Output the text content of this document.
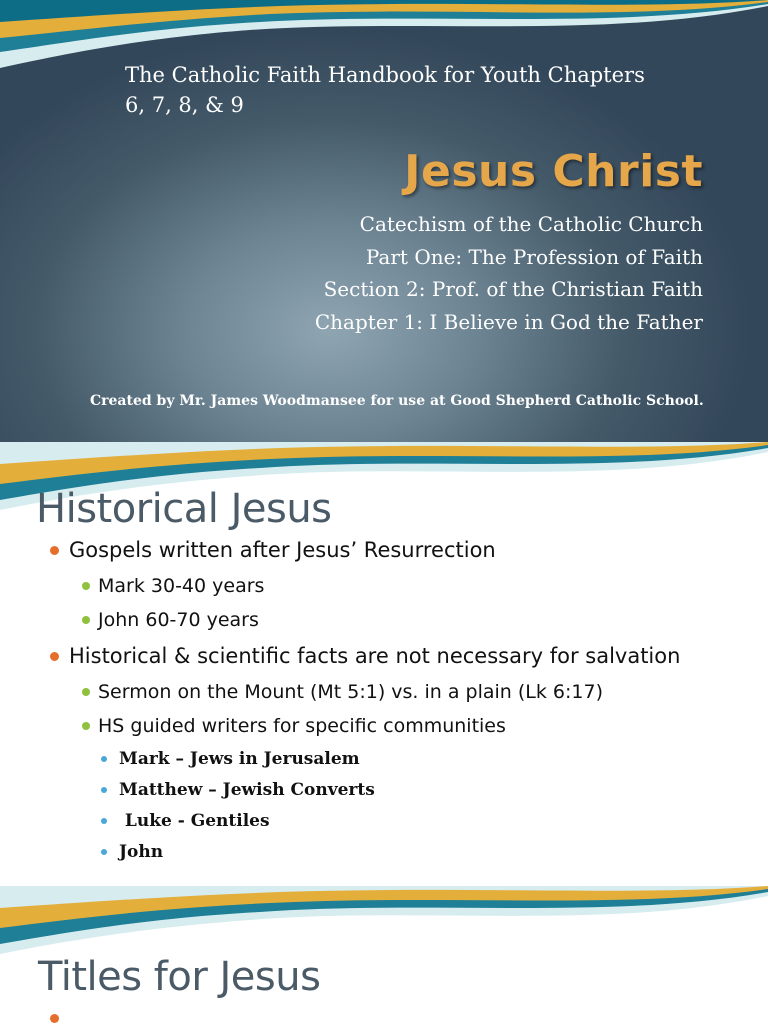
The Catholic Faith Handbook for Youth Chapters
6, 7, 8, & 9
Jesus Christ
Catechism of the Catholic Church
Part One: The Profession of Faith
Section 2: Prof. of the Christian Faith
Chapter 1: I Believe in God the Father
Created by Mr. James Woodmansee for use at Good Shepherd Catholic School.
Historical Jesus
Gospels written after Jesus’ Resurrection
Mark 30-40 years
John 60-70 years
Historical & scientific facts are not necessary for salvation
Sermon on the Mount (Mt 5:1) vs. in a plain (Lk 6:17)
HS guided writers for specific communities
Mark – Jews in Jerusalem
Matthew – Jewish Converts
Luke - Gentiles
John
Titles for Jesus
